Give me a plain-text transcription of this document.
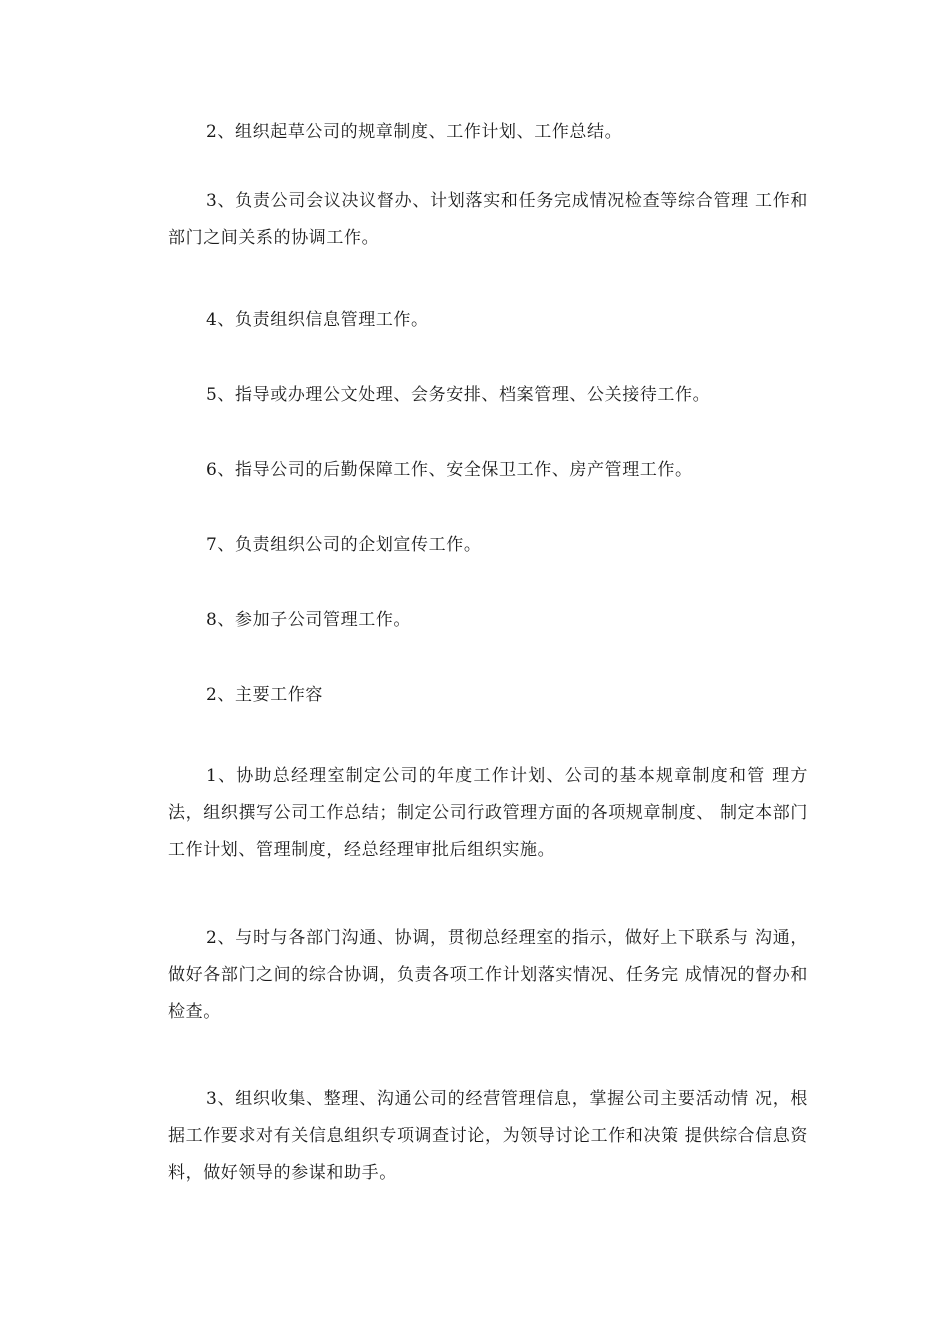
2、组织起草公司的规章制度、工作计划、工作总结。

3、负责公司会议决议督办、计划落实和任务完成情况检查等综合管理 工作和部门之间关系的协调工作。

4、负责组织信息管理工作。

5、指导或办理公文处理、会务安排、档案管理、公关接待工作。

6、指导公司的后勤保障工作、安全保卫工作、房产管理工作。

7、负责组织公司的企划宣传工作。

8、参加子公司管理工作。

2、主要工作容

1、协助总经理室制定公司的年度工作计划、公司的基本规章制度和管 理方法，组织撰写公司工作总结；制定公司行政管理方面的各项规章制度、 制定本部门工作计划、管理制度，经总经理审批后组织实施。

2、与时与各部门沟通、协调，贯彻总经理室的指示，做好上下联系与 沟通，做好各部门之间的综合协调，负责各项工作计划落实情况、任务完 成情况的督办和检查。

3、组织收集、整理、沟通公司的经营管理信息，掌握公司主要活动情 况，根据工作要求对有关信息组织专项调查讨论，为领导讨论工作和决策 提供综合信息资料，做好领导的参谋和助手。
